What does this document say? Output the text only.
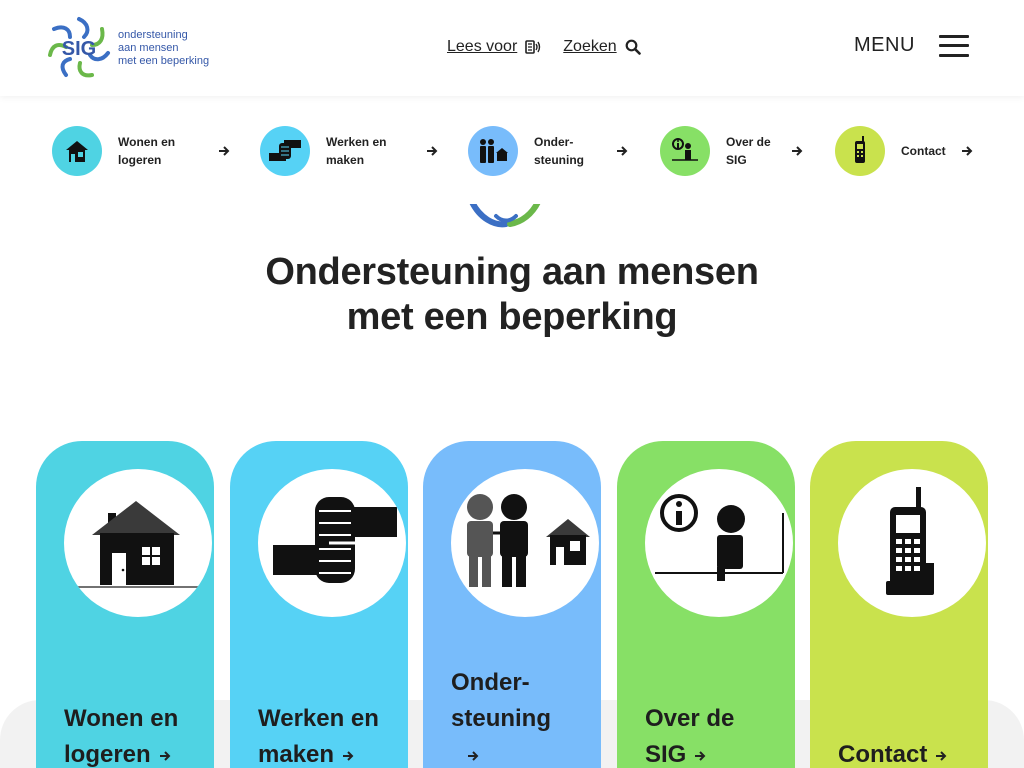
SIG
ondersteuning
aan mensen
met een beperking
Lees voor	Zoeken	MENU
Wonen en
logeren
Werken en
maken
Onder-
steuning
Over de
SIG
Contact
Ondersteuning aan mensen met een beperking
Wonen en
logeren
Werken en
maken
Onder-
steuning	Over de
SIG	Contact
